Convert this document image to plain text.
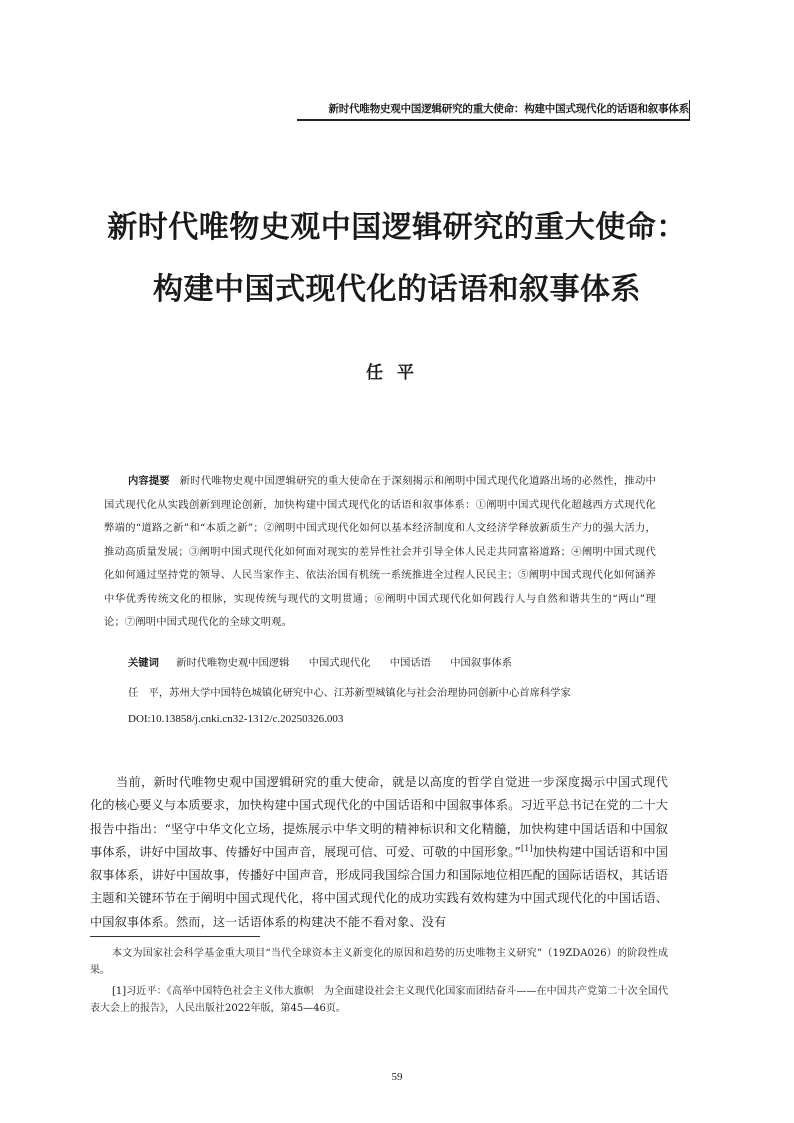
新时代唯物史观中国逻辑研究的重大使命：构建中国式现代化的话语和叙事体系
新时代唯物史观中国逻辑研究的重大使命：
构建中国式现代化的话语和叙事体系
任平
内容提要 新时代唯物史观中国逻辑研究的重大使命在于深刻揭示和阐明中国式现代化道路出场的必然性，推动中国式现代化从实践创新到理论创新，加快构建中国式现代化的话语和叙事体系：①阐明中国式现代化超越西方式现代化弊端的“道路之新”和“本质之新”；②阐明中国式现代化如何以基本经济制度和人文经济学释放新质生产力的强大活力，推动高质量发展；③阐明中国式现代化如何面对现实的差异性社会并引导全体人民走共同富裕道路；④阐明中国式现代化如何通过坚持党的领导、人民当家作主、依法治国有机统一系统推进全过程人民民主；⑤阐明中国式现代化如何涵养中华优秀传统文化的根脉，实现传统与现代的文明贯通；⑥阐明中国式现代化如何践行人与自然和谐共生的“两山”理论；⑦阐明中国式现代化的全球文明观。
关键词 新时代唯物史观中国逻辑 中国式现代化 中国话语 中国叙事体系
任　平，苏州大学中国特色城镇化研究中心、江苏新型城镇化与社会治理协同创新中心首席科学家
DOI:10.13858/j.cnki.cn32-1312/c.20250326.003
当前，新时代唯物史观中国逻辑研究的重大使命，就是以高度的哲学自觉进一步深度揭示中国式现代化的核心要义与本质要求，加快构建中国式现代化的中国话语和中国叙事体系。习近平总书记在党的二十大报告中指出：“坚守中华文化立场，提炼展示中华文明的精神标识和文化精髓，加快构建中国话语和中国叙事体系，讲好中国故事、传播好中国声音，展现可信、可爱、可敬的中国形象。”[1]加快构建中国话语和中国叙事体系，讲好中国故事，传播好中国声音，形成同我国综合国力和国际地位相匹配的国际话语权，其话语主题和关键环节在于阐明中国式现代化，将中国式现代化的成功实践有效构建为中国式现代化的中国话语、中国叙事体系。然而，这一话语体系的构建决不能不看对象、没有
本文为国家社会科学基金重大项目“当代全球资本主义新变化的原因和趋势的历史唯物主义研究”（19ZDA026）的阶段性成果。
[1]习近平：《高举中国特色社会主义伟大旗帜　为全面建设社会主义现代化国家而团结奋斗——在中国共产党第二十次全国代表大会上的报告》，人民出版社2022年版，第45—46页。
59
